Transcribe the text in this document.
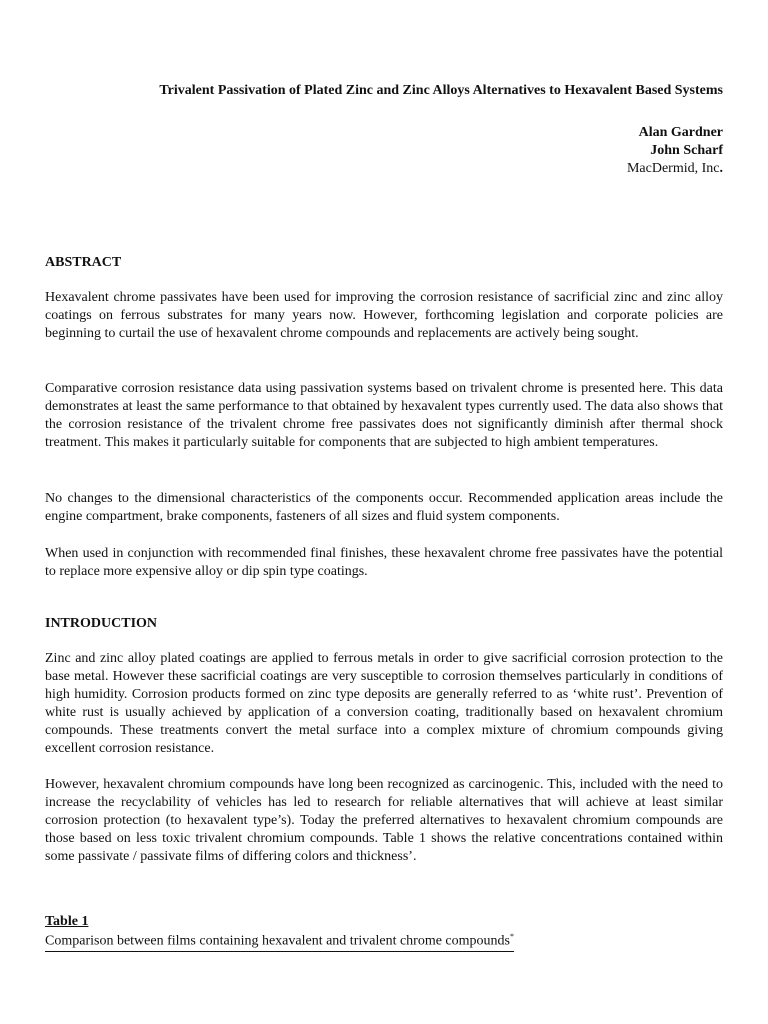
Trivalent Passivation of Plated Zinc and Zinc Alloys Alternatives to Hexavalent Based Systems
Alan Gardner
John Scharf
MacDermid, Inc.
ABSTRACT

Hexavalent chrome passivates have been used for improving the corrosion resistance of sacrificial zinc and zinc alloy coatings on ferrous substrates for many years now. However, forthcoming legislation and corporate policies are beginning to curtail the use of hexavalent chrome compounds and replacements are actively being sought.

Comparative corrosion resistance data using passivation systems based on trivalent chrome is presented here. This data demonstrates at least the same performance to that obtained by hexavalent types currently used. The data also shows that the corrosion resistance of the trivalent chrome free passivates does not significantly diminish after thermal shock treatment. This makes it particularly suitable for components that are subjected to high ambient temperatures.

No changes to the dimensional characteristics of the components occur. Recommended application areas include the engine compartment, brake components, fasteners of all sizes and fluid system components.

When used in conjunction with recommended final finishes, these hexavalent chrome free passivates have the potential to replace more expensive alloy or dip spin type coatings.

INTRODUCTION

Zinc and zinc alloy plated coatings are applied to ferrous metals in order to give sacrificial corrosion protection to the base metal. However these sacrificial coatings are very susceptible to corrosion themselves particularly in conditions of high humidity. Corrosion products formed on zinc type deposits are generally referred to as ‘white rust’. Prevention of white rust is usually achieved by application of a conversion coating, traditionally based on hexavalent chromium compounds. These treatments convert the metal surface into a complex mixture of chromium compounds giving excellent corrosion resistance.

However, hexavalent chromium compounds have long been recognized as carcinogenic. This, included with the need to increase the recyclability of vehicles has led to research for reliable alternatives that will achieve at least similar corrosion protection (to hexavalent type’s). Today the preferred alternatives to hexavalent chromium compounds are those based on less toxic trivalent chromium compounds. Table 1 shows the relative concentrations contained within some passivate / passivate films of differing colors and thickness’.

Table 1
Comparison between films containing hexavalent and trivalent chrome compounds*
